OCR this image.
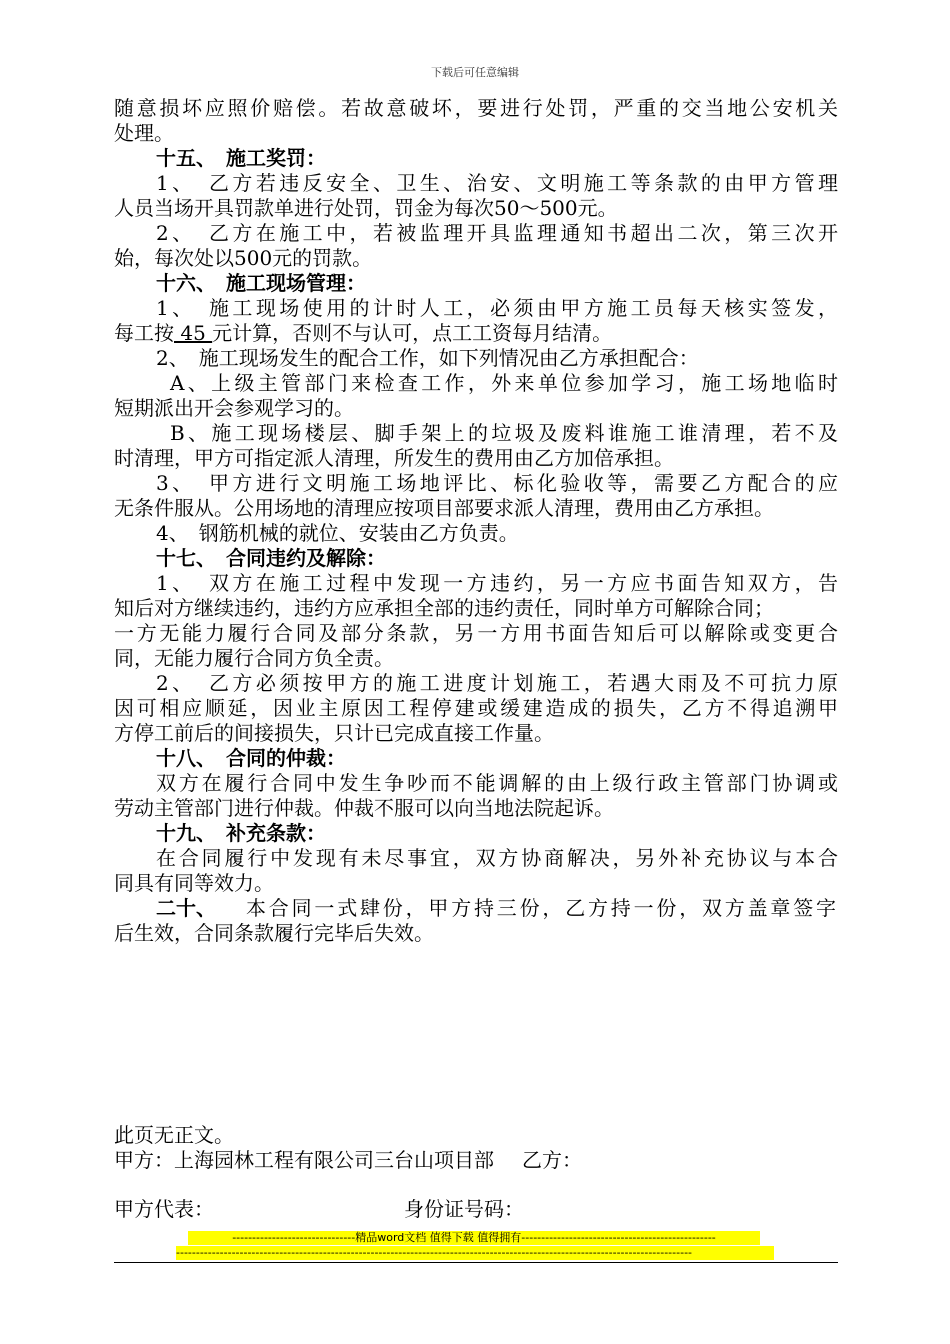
下载后可任意编辑
随意损坏应照价赔偿。若故意破坏，要进行处罚，严重的交当地公安机关
处理。
十五、　施工奖罚：
1、　乙方若违反安全、卫生、治安、文明施工等条款的由甲方管理
人员当场开具罚款单进行处罚，罚金为每次50～500元。
2、　乙方在施工中，若被监理开具监理通知书超出二次，第三次开
始，每次处以500元的罚款。
十六、　施工现场管理：
1、　施工现场使用的计时人工，必须由甲方施工员每天核实签发，
每工按 45 元计算，否则不与认可，点工工资每月结清。
2、　施工现场发生的配合工作，如下列情况由乙方承担配合：
A、上级主管部门来检查工作，外来单位参加学习，施工场地临时
短期派出开会参观学习的。
B、施工现场楼层、脚手架上的垃圾及废料谁施工谁清理，若不及
时清理，甲方可指定派人清理，所发生的费用由乙方加倍承担。
3、　甲方进行文明施工场地评比、标化验收等，需要乙方配合的应
无条件服从。公用场地的清理应按项目部要求派人清理，费用由乙方承担。
4、　钢筋机械的就位、安装由乙方负责。
十七、　合同违约及解除：
1、　双方在施工过程中发现一方违约，另一方应书面告知双方，告
知后对方继续违约，违约方应承担全部的违约责任，同时单方可解除合同；
一方无能力履行合同及部分条款，另一方用书面告知后可以解除或变更合
同，无能力履行合同方负全责。
2、　乙方必须按甲方的施工进度计划施工，若遇大雨及不可抗力原
因可相应顺延，因业主原因工程停建或缓建造成的损失，乙方不得追溯甲
方停工前后的间接损失，只计已完成直接工作量。
十八、　合同的仲裁：
双方在履行合同中发生争吵而不能调解的由上级行政主管部门协调或
劳动主管部门进行仲裁。仲裁不服可以向当地法院起诉。
十九、　补充条款：
在合同履行中发现有未尽事宜，双方协商解决，另外补充协议与本合
同具有同等效力。
二十、 本合同一式肆份，甲方持三份，乙方持一份，双方盖章签字
后生效，合同条款履行完毕后失效。
此页无正文。
甲方：上海园林工程有限公司三台山项目部 乙方：
甲方代表：	身份证号码：
-------------------------------精品word文档 值得下载 值得拥有-------------------------------------------------
----------------------------------------------------------------------------------------------------------------------------------
